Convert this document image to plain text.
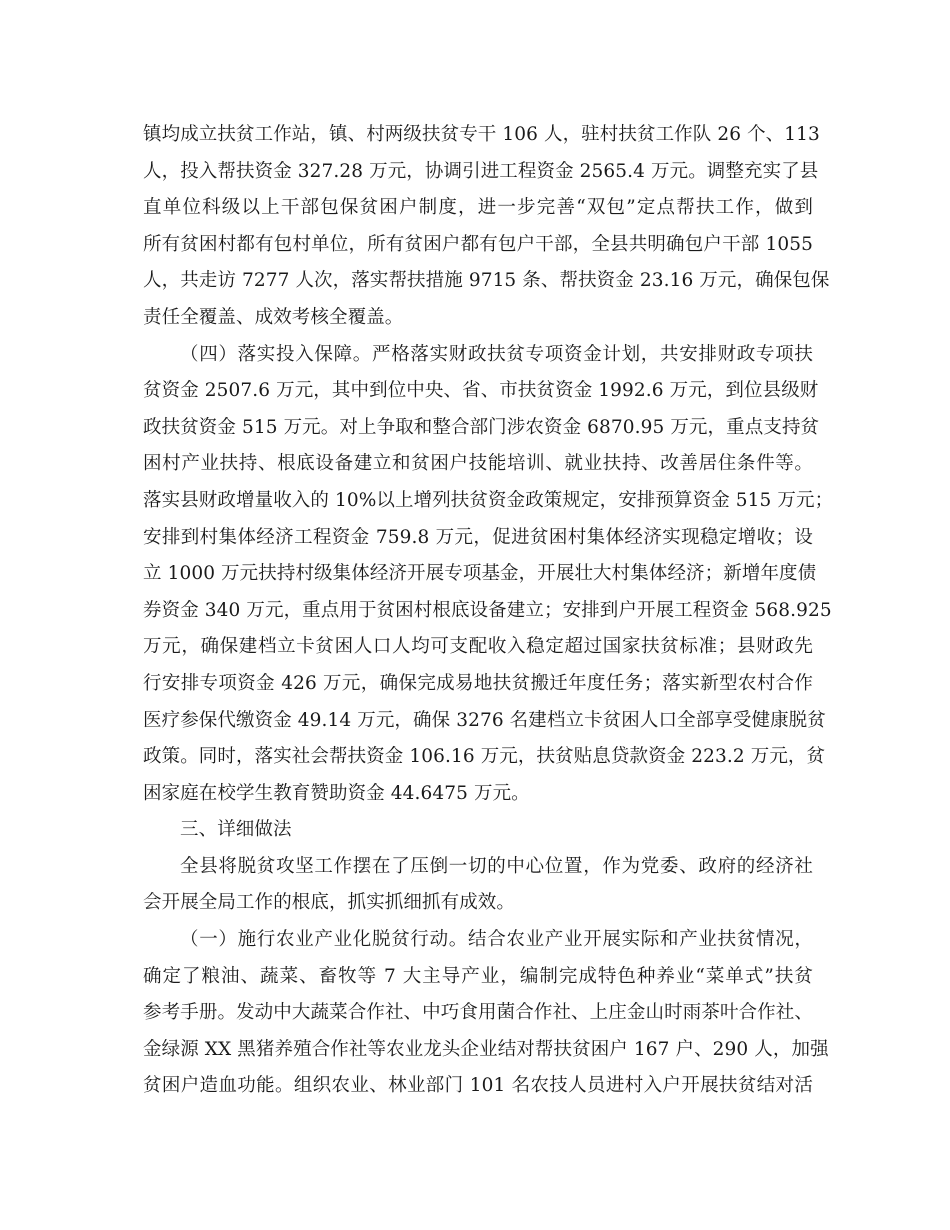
镇均成立扶贫工作站，镇、村两级扶贫专干 106 人，驻村扶贫工作队 26 个、113
人，投入帮扶资金 327.28 万元，协调引进工程资金 2565.4 万元。调整充实了县
直单位科级以上干部包保贫困户制度，进一步完善“双包”定点帮扶工作，做到
所有贫困村都有包村单位，所有贫困户都有包户干部，全县共明确包户干部 1055
人，共走访 7277 人次，落实帮扶措施 9715 条、帮扶资金 23.16 万元，确保包保
责任全覆盖、成效考核全覆盖。
（四）落实投入保障。严格落实财政扶贫专项资金计划，共安排财政专项扶
贫资金 2507.6 万元，其中到位中央、省、市扶贫资金 1992.6 万元，到位县级财
政扶贫资金 515 万元。对上争取和整合部门涉农资金 6870.95 万元，重点支持贫
困村产业扶持、根底设备建立和贫困户技能培训、就业扶持、改善居住条件等。
落实县财政增量收入的 10%以上增列扶贫资金政策规定，安排预算资金 515 万元；
安排到村集体经济工程资金 759.8 万元，促进贫困村集体经济实现稳定增收；设
立 1000 万元扶持村级集体经济开展专项基金，开展壮大村集体经济；新增年度债
券资金 340 万元，重点用于贫困村根底设备建立；安排到户开展工程资金 568.925
万元，确保建档立卡贫困人口人均可支配收入稳定超过国家扶贫标准；县财政先
行安排专项资金 426 万元，确保完成易地扶贫搬迁年度任务；落实新型农村合作
医疗参保代缴资金 49.14 万元，确保 3276 名建档立卡贫困人口全部享受健康脱贫
政策。同时，落实社会帮扶资金 106.16 万元，扶贫贴息贷款资金 223.2 万元，贫
困家庭在校学生教育赞助资金 44.6475 万元。
三、详细做法
全县将脱贫攻坚工作摆在了压倒一切的中心位置，作为党委、政府的经济社
会开展全局工作的根底，抓实抓细抓有成效。
（一）施行农业产业化脱贫行动。结合农业产业开展实际和产业扶贫情况，
确定了粮油、蔬菜、畜牧等 7 大主导产业，编制完成特色种养业“菜单式”扶贫
参考手册。发动中大蔬菜合作社、中巧食用菌合作社、上庄金山时雨茶叶合作社、
金绿源 XX 黑猪养殖合作社等农业龙头企业结对帮扶贫困户 167 户、290 人，加强
贫困户造血功能。组织农业、林业部门 101 名农技人员进村入户开展扶贫结对活
